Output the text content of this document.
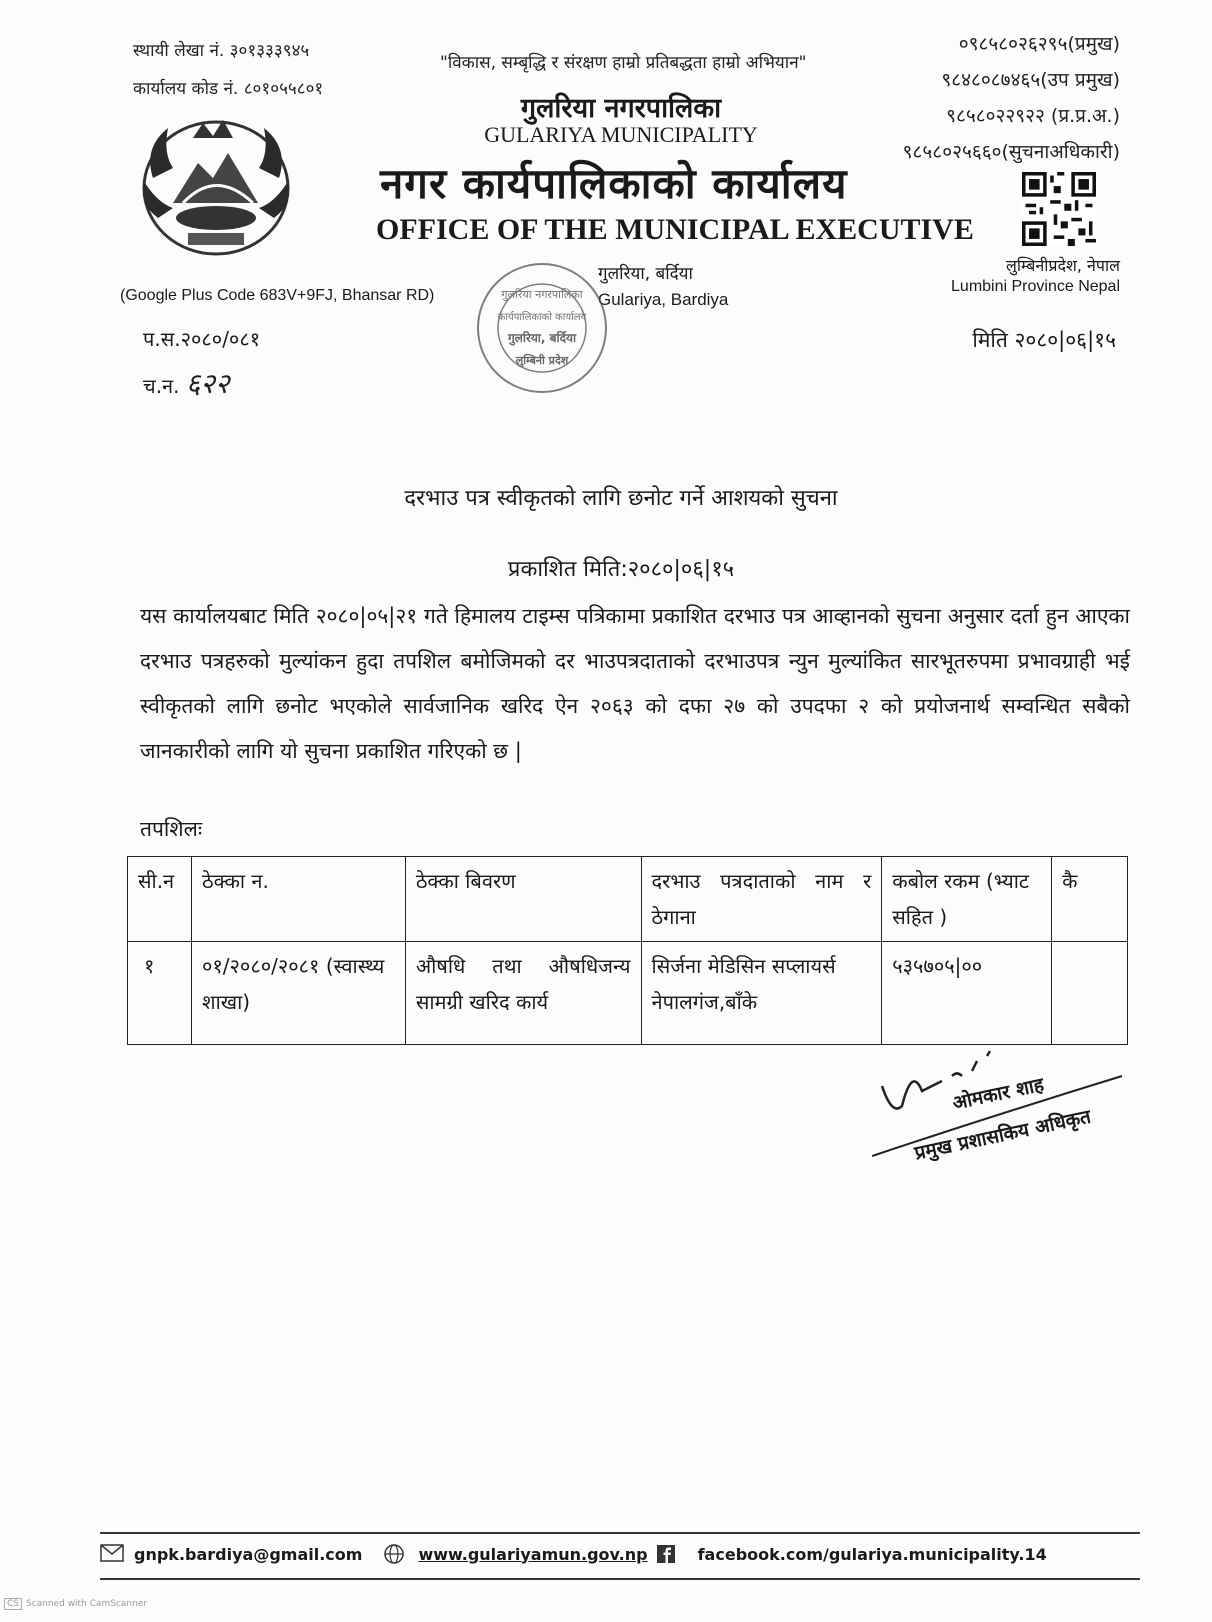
स्थायी लेखा नं. ३०१३३३९४५
कार्यालय कोड नं. ८०१०५५८०१
"विकास, सम्बृद्धि र संरक्षण हाम्रो प्रतिबद्धता हाम्रो अभियान"
गुलरिया नगरपालिका
GULARIYA MUNICIPALITY
नगर कार्यपालिकाको कार्यालय
OFFICE OF THE MUNICIPAL EXECUTIVE
०९८५८०२६२९५(प्रमुख)
९८४८०८७४६५(उप प्रमुख)
९८५८०२२९२२ (प्र.प्र.अ.)
९८५८०२५६६०(सुचनाअधिकारी)
लुम्बिनीप्रदेश, नेपाल
Lumbini Province Nepal
(Google Plus Code 683V+9FJ, Bhansar RD)
गुलरिया, बर्दिया
Gulariya, Bardiya
गुलरिया नगरपालिका
कार्यपालिकाको कार्यालय
गुलरिया, बर्दिया
लुम्बिनी प्रदेश
प.स.२०८०/०८१
च.न. ६२२
मिति २०८०|०६|१५
दरभाउ पत्र स्वीकृतको लागि छनोट गर्ने आशयको सुचना
प्रकाशित मिति:२०८०|०६|१५
यस कार्यालयबाट मिति २०८०|०५|२१ गते हिमालय टाइम्स पत्रिकामा प्रकाशित दरभाउ पत्र आव्हानको सुचना अनुसार दर्ता हुन आएका दरभाउ पत्रहरुको मुल्यांकन हुदा तपशिल बमोजिमको दर भाउपत्रदाताको दरभाउपत्र न्युन मुल्यांकित सारभूतरुपमा प्रभावग्राही भई स्वीकृतको लागि छनोट भएकोले सार्वजानिक खरिद ऐन २०६३ को दफा २७ को उपदफा २ को प्रयोजनार्थ सम्वन्धित सबैको जानकारीको लागि यो सुचना प्रकाशित गरिएको छ |
तपशिलः
सी.न	ठेक्का न.	ठेक्का बिवरण	दरभाउ पत्रदाताको नाम र ठेगाना	कबोल रकम (भ्याट सहित )	कै
१	०१/२०८०/२०८१ (स्वास्थ्य शाखा)	औषधि तथा औषधिजन्य सामग्री खरिद कार्य	सिर्जना मेडिसिन सप्लायर्स नेपालगंज,बाँके	५३५७०५|००	
ओमकार शाह
प्रमुख प्रशासकिय अधिकृत
gnpk.bardiya@gmail.com	www.gulariyamun.gov.np	facebook.com/gulariya.municipality.14
CS Scanned with CamScanner
